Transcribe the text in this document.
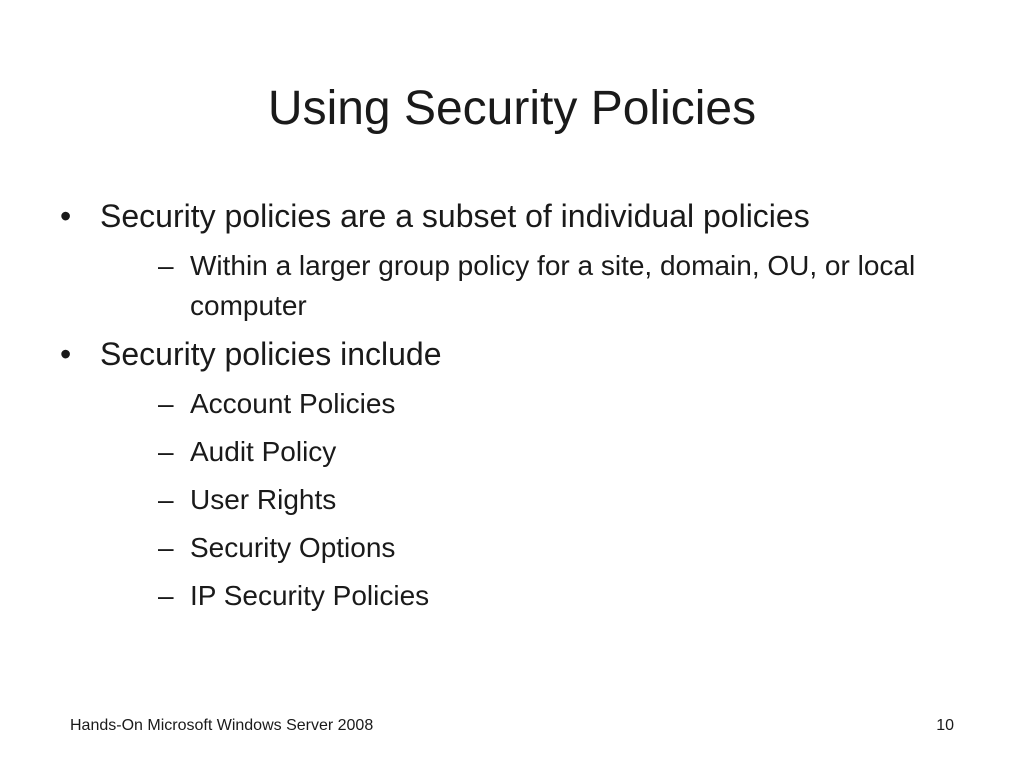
Using Security Policies
• Security policies are a subset of individual policies
– Within a larger group policy for a site, domain, OU, or local computer
• Security policies include
– Account Policies
– Audit Policy
– User Rights
– Security Options
– IP Security Policies
Hands-On Microsoft Windows Server 2008	10
